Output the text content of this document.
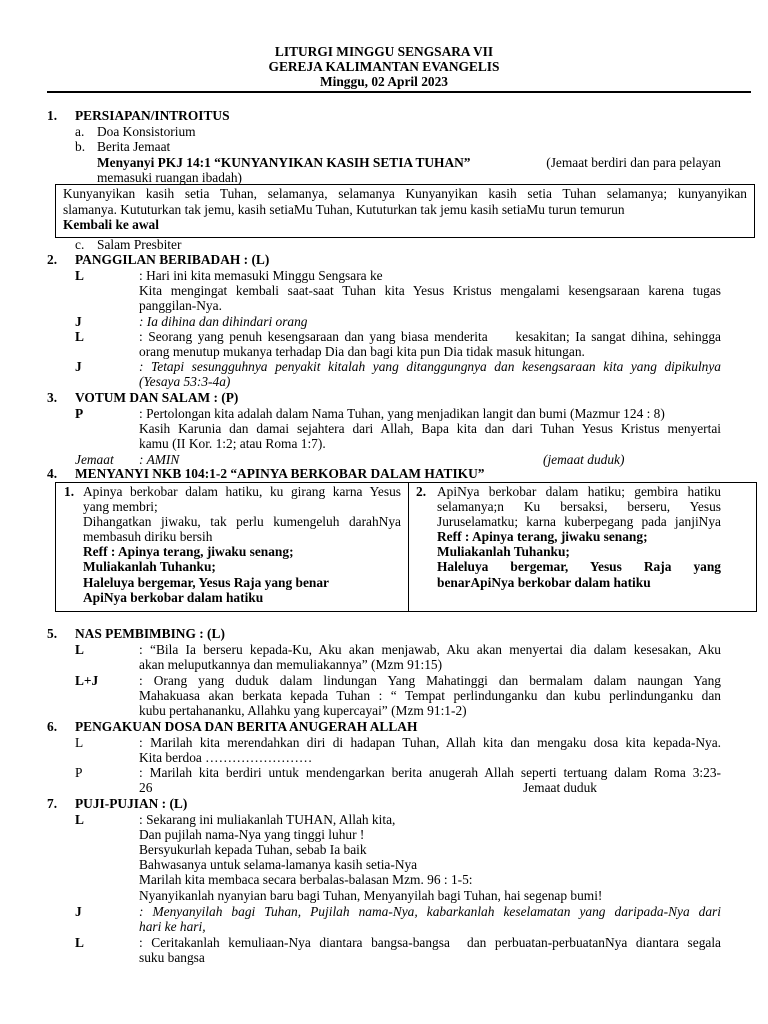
LITURGI MINGGU SENGSARA VII
GEREJA KALIMANTAN EVANGELIS
Minggu, 02 April 2023
1. PERSIAPAN/INTROITUS
a. Doa Konsistorium
b. Berita Jemaat
Menyanyi PKJ 14:1 “KUNYANYIKAN KASIH SETIA TUHAN”	(Jemaat berdiri dan para pelayan
memasuki ruangan ibadah)
Kunyanyikan kasih setia Tuhan, selamanya, selamanya Kunyanyikan kasih setia Tuhan selamanya; kunyanyikan
slamanya. Kututurkan tak jemu, kasih setiaMu Tuhan, Kututurkan tak jemu kasih setiaMu turun temurun
Kembali ke awal
c. Salam Presbiter
2. PANGGILAN BERIBADAH : (L)
L	: Hari ini kita memasuki Minggu Sengsara ke
Kita mengingat kembali saat-saat Tuhan kita Yesus Kristus mengalami kesengsaraan karena tugas
panggilan-Nya.
J	: Ia dihina dan dihindari orang
L	: Seorang yang penuh kesengsaraan dan yang biasa menderita     kesakitan; Ia sangat dihina, sehingga
orang menutup mukanya terhadap Dia dan bagi kita pun Dia tidak masuk hitungan.
J	: Tetapi sesungguhnya penyakit kitalah yang ditanggungnya dan kesengsaraan kita yang dipikulnya
(Yesaya 53:3-4a)
3. VOTUM DAN SALAM : (P)
P	: Pertolongan kita adalah dalam Nama Tuhan, yang menjadikan langit dan bumi (Mazmur 124 : 8)
Kasih Karunia dan damai sejahtera dari Allah, Bapa kita dan dari Tuhan Yesus Kristus menyertai
kamu (II Kor. 1:2; atau Roma 1:7).
Jemaat : AMIN	(jemaat duduk)
4. MENYANYI NKB 104:1-2 “APINYA BERKOBAR DALAM HATIKU”
1. Apinya berkobar dalam hatiku, ku girang karna Yesus
yang membri;
Dihangatkan jiwaku, tak perlu kumengeluh darahNya
membasuh diriku bersih
Reff : Apinya terang, jiwaku senang;
Muliakanlah Tuhanku;
Haleluya bergemar, Yesus Raja yang benar
ApiNya berkobar dalam hatiku
2. ApiNya berkobar dalam hatiku; gembira hatiku
selamanya;n Ku bersaksi, berseru, Yesus
Juruselamatku; karna kuberpegang pada janjiNya
Reff : Apinya terang, jiwaku senang;
Muliakanlah Tuhanku;
Haleluya bergemar, Yesus Raja yang
benarApiNya berkobar dalam hatiku
5. NAS PEMBIMBING : (L)
L	: “Bila Ia berseru kepada-Ku, Aku akan menjawab, Aku akan menyertai dia dalam kesesakan, Aku
akan meluputkannya dan memuliakannya” (Mzm 91:15)
L+J	: Orang yang duduk dalam lindungan Yang Mahatinggi dan bermalam dalam naungan Yang
Mahakuasa akan berkata kepada Tuhan : “ Tempat perlindunganku dan kubu perlindunganku dan
kubu pertahananku, Allahku yang kupercayai” (Mzm 91:1-2)
6. PENGAKUAN DOSA DAN BERITA ANUGERAH ALLAH
L	: Marilah kita merendahkan diri di hadapan Tuhan, Allah kita dan mengaku dosa kita kepada-Nya.
Kita berdoa ……………………
P	: Marilah kita berdiri untuk mendengarkan berita anugerah Allah seperti tertuang dalam Roma 3:23-
26	Jemaat duduk
7. PUJI-PUJIAN : (L)
L	: Sekarang ini muliakanlah TUHAN, Allah kita,
Dan pujilah nama-Nya yang tinggi luhur !
Bersyukurlah kepada Tuhan, sebab Ia baik
Bahwasanya untuk selama-lamanya kasih setia-Nya
Marilah kita membaca secara berbalas-balasan Mzm. 96 : 1-5:
Nyanyikanlah nyanyian baru bagi Tuhan, Menyanyilah bagi Tuhan, hai segenap bumi!
J	: Menyanyilah bagi Tuhan, Pujilah nama-Nya, kabarkanlah keselamatan yang daripada-Nya dari
hari ke hari,
L	: Ceritakanlah kemuliaan-Nya diantara bangsa-bangsa  dan perbuatan-perbuatanNya diantara segala
suku bangsa
